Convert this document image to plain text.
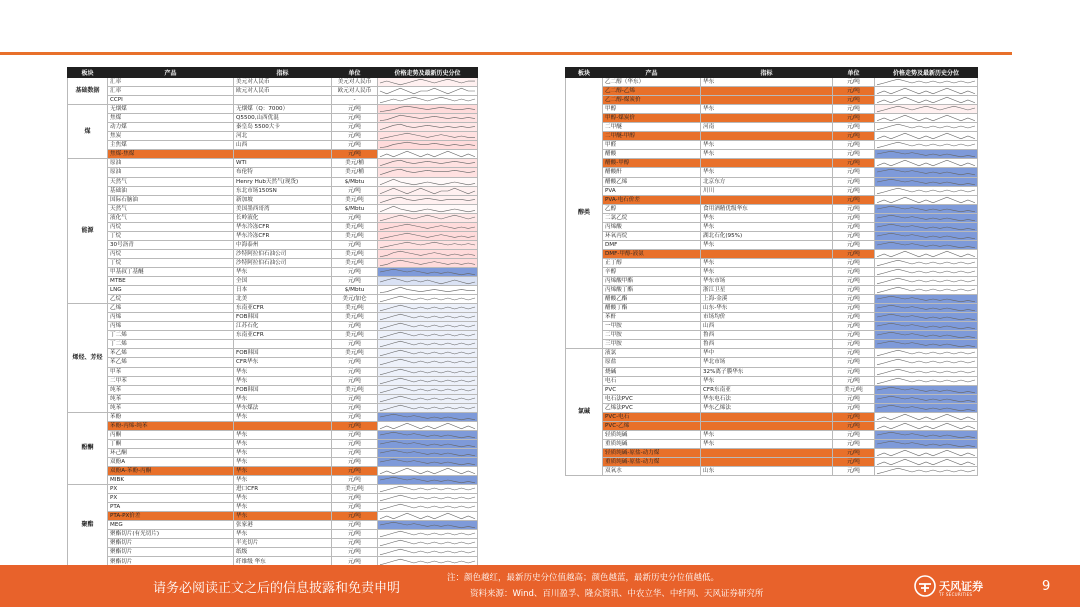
板块	产品	指标	单位	价格走势及最新历史分位
基础数据	汇率	美元对人民币	美元对人民币	

	汇率	欧元对人民币	欧元对人民币	

	CCPI		-	

煤	无烟煤	无烟煤（Q：7000）	元/吨	

	焦煤	Q5500,山西优混	元/吨	

	动力煤	秦皇岛 5500大卡	元/吨	

	焦炭	河北	元/吨	

	主焦煤	山西	元/吨	

	焦煤-焦煤		元/吨	

能源	原油	WTI	美元/桶	

	原油	布伦特	美元/桶	

	天然气	Henry Hub天然气(现货)	$/Mbtu	

	基础油	东北市场150SN	元/吨	

	国际石脑油	新加坡	美元/吨	

	天然气	美国墨西哥湾	$/Mbtu	

	液化气	长岭液化	元/吨	

	丙烷	华东冷冻CFR	美元/吨	

	丁烷	华东冷冻CFR	美元/吨	

	30号沥青	中海泰州	元/吨	

	丙烷	沙特阿拉伯石油公司	美元/吨	

	丁烷	沙特阿拉伯石油公司	美元/吨	

	甲基叔丁基醚	华东	元/吨	

	MTBE	全国	元/吨	

	LNG	日本	$/Mbtu	

	乙烷	北美	美元/加仑	

烯烃、芳烃	乙烯	东南亚CFR	美元/吨	

	丙烯	FOB韩国	美元/吨	

	丙烯	江苏石化	元/吨	

	丁二烯	东南亚CFR	美元/吨	

	丁二烯		元/吨	

	苯乙烯	FOB韩国	美元/吨	

	苯乙烯	CFR华东	元/吨	

	甲苯	华东	元/吨	

	二甲苯	华东	元/吨	

	纯苯	FOB韩国	美元/吨	

	纯苯	华东	元/吨	

	纯苯	华东煤法	元/吨	

酚酮	苯酚	华东	元/吨	

	苯酚-丙烯-纯苯		元/吨	

	丙酮	华东	元/吨	

	丁酮	华东	元/吨	

	环己酮	华东	元/吨	

	双酚A	华东	元/吨	

	双酚A-苯酚-丙酮	华东	元/吨	

	MIBK	华东	元/吨	

聚酯	PX	进口CFR	美元/吨	

	PX	华东	元/吨	

	PTA	华东	元/吨	

	PTA-PX价差	华东	元/吨	

	MEG	张家港	元/吨	

	聚酯切片(有光切片)	华东	元/吨	

	聚酯切片	半光切片	元/吨	

	聚酯切片	纸级	元/吨	

	聚酯切片	纤维级 华东	元/吨	
板块	产品	指标	单位	价格走势及最新历史分位
醇类	乙二醇（华东）	华东	元/吨	

	乙二醇-乙烯		元/吨	

	乙二醇-煤炭价		元/吨	

	甲醇	华东	元/吨	

	甲醇-煤炭价		元/吨	

	二甲醚	河南	元/吨	

	二甲醚-甲醇		元/吨	

	甲醛	华东	元/吨	

	醋酸	华东	元/吨	

	醋酸-甲醇		元/吨	

	醋酸酐	华东	元/吨	

	醋酸乙烯	北京东方	元/吨	

	PVA	川川	元/吨	

	PVA-电石价差		元/吨	

	乙醇	食用酒精优级华东	元/吨	

	二氯乙烷	华东	元/吨	

	丙烯酸	华东	元/吨	

	环氧丙烷	湖北石化(95%)	元/吨	

	DMF	华东	元/吨	

	DMF-甲醇-液氨		元/吨	

	正丁醇	华东	元/吨	

	辛醇	华东	元/吨	

	丙烯酸甲酯	华东市场	元/吨	

	丙烯酸丁酯	浙江卫星	元/吨	

	醋酸乙酯	上海-金溪	元/吨	

	醋酸丁酯	山东-华东	元/吨	

	苯酐	市场均价	元/吨	

	一甲胺	山西	元/吨	

	二甲胺	鲁西	元/吨	

	三甲胺	鲁西	元/吨	

氯碱	液氯	华中	元/吨	

	原盐	华北市场	元/吨	

	烧碱	32%离子膜华东	元/吨	

	电石	华东	元/吨	

	PVC	CFR东南亚	美元/吨	

	电石法PVC	华东电石法	元/吨	

	乙烯法PVC	华东乙烯法	元/吨	

	PVC-电石		元/吨	

	PVC-乙烯		元/吨	

	轻质纯碱	华东	元/吨	

	重质纯碱	华东	元/吨	

	轻质纯碱-原盐-动力煤		元/吨	

	重质纯碱-原盐-动力煤		元/吨	

	双氧水	山东	元/吨	
请务必阅读正文之后的信息披露和免责申明
注：颜色越红，最新历史分位值越高；颜色越蓝，最新历史分位值越低。
资料来源：Wind、百川盈孚、隆众资讯、中农立华、中纤网、天风证券研究所
天风证券
TF SECURITIES
9
